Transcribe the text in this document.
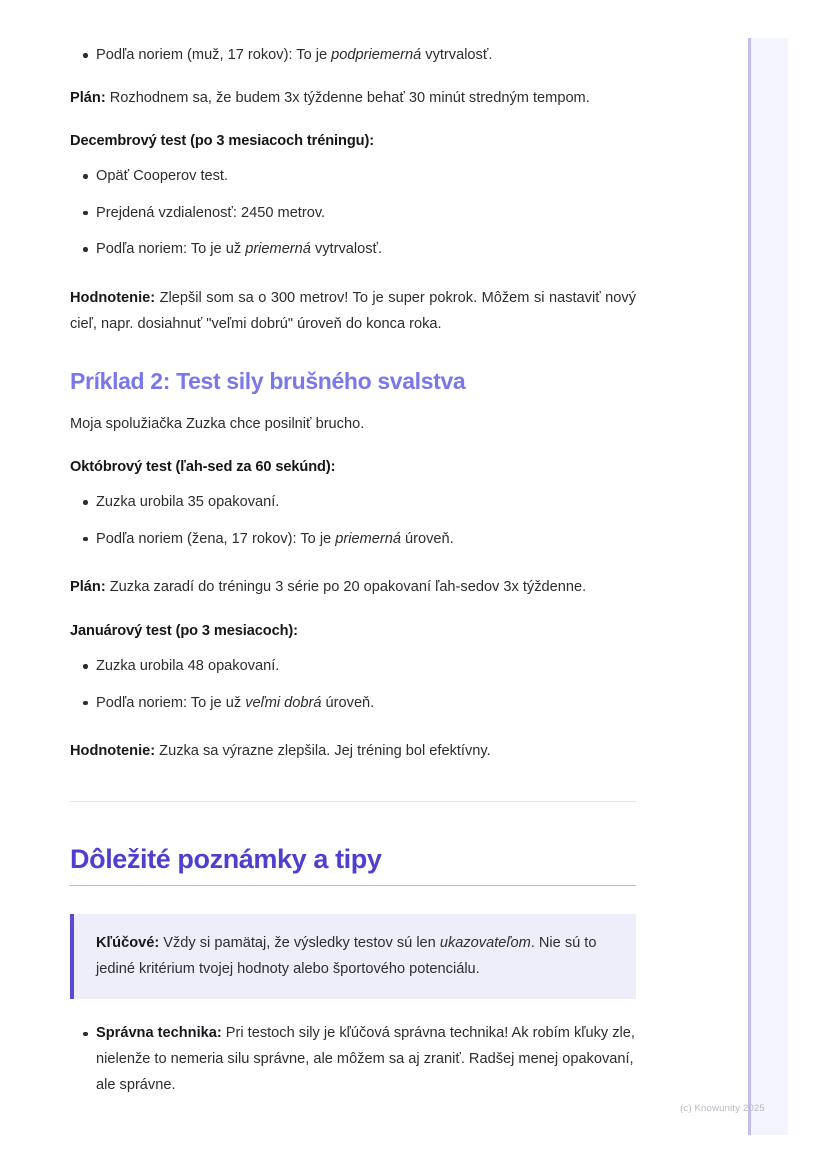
Podľa noriem (muž, 17 rokov): To je podpriemerná vytrvalosť.

Plán: Rozhodnem sa, že budem 3x týždenne behať 30 minút stredným tempom.

Decembrový test (po 3 mesiacoch tréningu):
Opäť Cooperov test.
Prejdená vzdialenosť: 2450 metrov.
Podľa noriem: To je už priemerná vytrvalosť.

Hodnotenie: Zlepšil som sa o 300 metrov! To je super pokrok. Môžem si nastaviť nový cieľ, napr. dosiahnuť "veľmi dobrú" úroveň do konca roka.

Príklad 2: Test sily brušného svalstva

Moja spolužiačka Zuzka chce posilniť brucho.

Októbrový test (ľah-sed za 60 sekúnd):
Zuzka urobila 35 opakovaní.
Podľa noriem (žena, 17 rokov): To je priemerná úroveň.

Plán: Zuzka zaradí do tréningu 3 série po 20 opakovaní ľah-sedov 3x týždenne.

Januárový test (po 3 mesiacoch):
Zuzka urobila 48 opakovaní.
Podľa noriem: To je už veľmi dobrá úroveň.

Hodnotenie: Zuzka sa výrazne zlepšila. Jej tréning bol efektívny.

Dôležité poznámky a tipy

Kľúčové: Vždy si pamätaj, že výsledky testov sú len ukazovateľom. Nie sú to jediné kritérium tvojej hodnoty alebo športového potenciálu.

Správna technika: Pri testoch sily je kľúčová správna technika! Ak robím kľuky zle, nielenže to nemeria silu správne, ale môžem sa aj zraniť. Radšej menej opakovaní, ale správne.
(c) Knowunity 2025
